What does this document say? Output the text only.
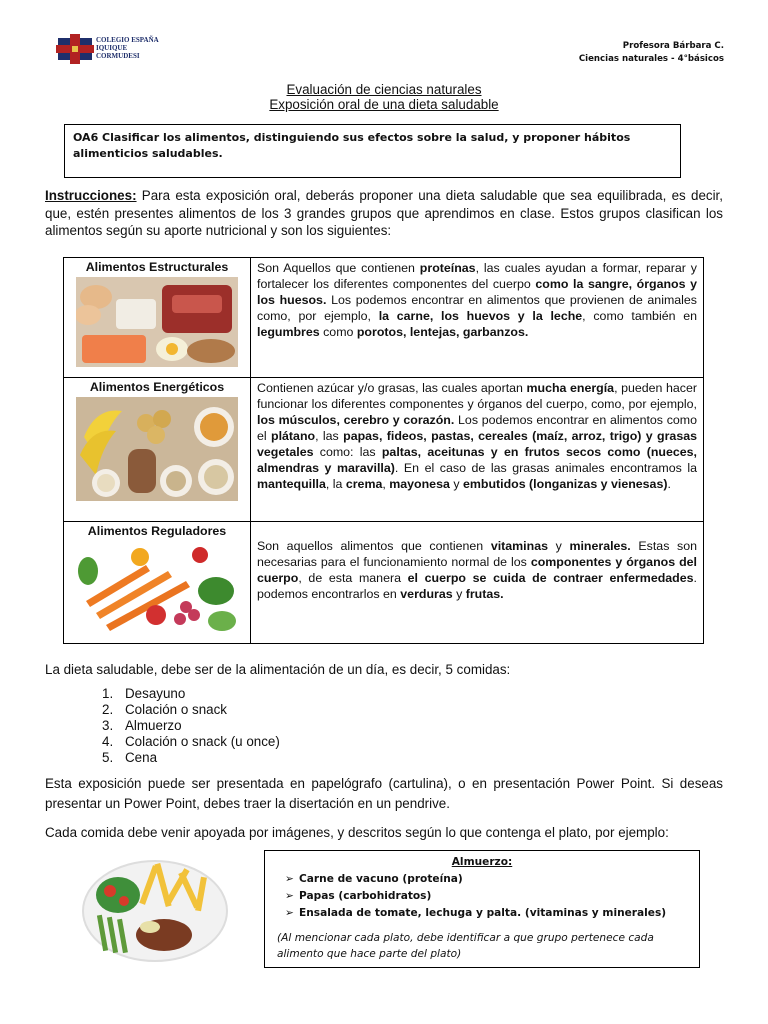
COLEGIO ESPAÑA
IQUIQUE
CORMUDESI
Profesora Bárbara C.
Ciencias naturales - 4°básicos
Evaluación de ciencias naturales
Exposición oral de una dieta saludable
OA6 Clasificar los alimentos, distinguiendo sus efectos sobre la salud, y proponer hábitos alimenticios saludables.
Instrucciones: Para esta exposición oral, deberás proponer una dieta saludable que sea equilibrada, es decir, que, estén presentes alimentos de los 3 grandes grupos que aprendimos en clase. Estos grupos clasifican los alimentos según su aporte nutricional y son los siguientes:
Alimentos Estructurales	Son Aquellos que contienen proteínas, las cuales ayudan a formar, reparar y fortalecer los diferentes componentes del cuerpo como la sangre, órganos y los huesos. Los podemos encontrar en alimentos que provienen de animales como, por ejemplo, la carne, los huevos y la leche, como también en legumbres como porotos, lentejas, garbanzos.

Alimentos Energéticos	Contienen azúcar y/o grasas, las cuales aportan mucha energía, pueden hacer funcionar los diferentes componentes y órganos del cuerpo, como, por ejemplo, los músculos, cerebro y corazón. Los podemos encontrar en alimentos como el plátano, las papas, fideos, pastas, cereales (maíz, arroz, trigo) y grasas vegetales como: las paltas, aceitunas y en frutos secos como (nueces, almendras y maravilla). En el caso de las grasas animales encontramos la mantequilla, la crema, mayonesa y embutidos (longanizas y vienesas).

Alimentos Reguladores	Son aquellos alimentos que contienen vitaminas y minerales. Estas son necesarias para el funcionamiento normal de los componentes y órganos del cuerpo, de esta manera el cuerpo se cuida de contraer enfermedades. podemos encontrarlos en verduras y frutas.
La dieta saludable, debe ser de la alimentación de un día, es decir, 5 comidas:
1. Desayuno
2. Colación o snack
3. Almuerzo
4. Colación o snack (u once)
5. Cena
Esta exposición puede ser presentada en papelógrafo (cartulina), o en presentación Power Point. Si deseas presentar un Power Point, debes traer la disertación en un pendrive.
Cada comida debe venir apoyada por imágenes, y descritos según lo que contenga el plato, por ejemplo:
Almuerzo:
➢ Carne de vacuno (proteína)
➢ Papas (carbohidratos)
➢ Ensalada de tomate, lechuga y palta. (vitaminas y minerales)
(Al mencionar cada plato, debe identificar a que grupo pertenece cada alimento que hace parte del plato)
